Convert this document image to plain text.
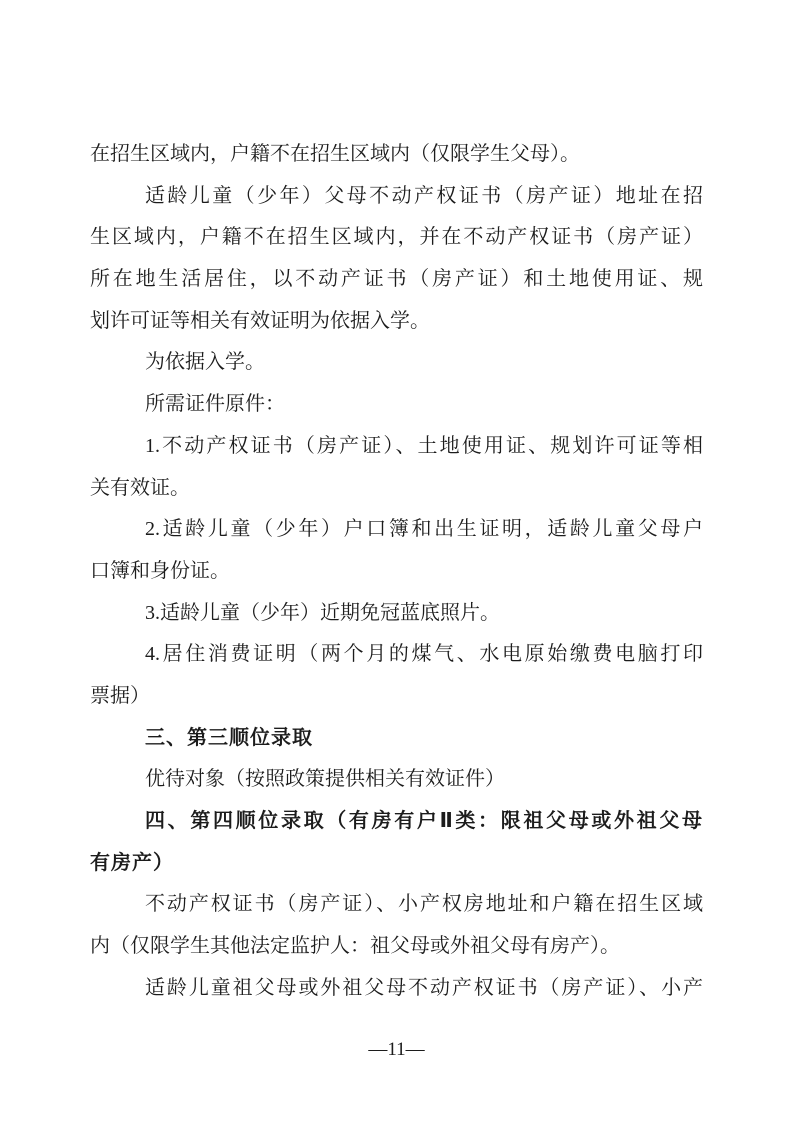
在招生区域内，户籍不在招生区域内（仅限学生父母）。
适龄儿童（少年）父母不动产权证书（房产证）地址在招
生区域内，户籍不在招生区域内，并在不动产权证书（房产证）
所在地生活居住，以不动产证书（房产证）和土地使用证、规
划许可证等相关有效证明为依据入学。
为依据入学。
所需证件原件：
1.不动产权证书（房产证）、土地使用证、规划许可证等相
关有效证。
2.适龄儿童（少年）户口簿和出生证明，适龄儿童父母户
口簿和身份证。
3.适龄儿童（少年）近期免冠蓝底照片。
4.居住消费证明（两个月的煤气、水电原始缴费电脑打印
票据）
三、第三顺位录取
优待对象（按照政策提供相关有效证件）
四、第四顺位录取（有房有户Ⅱ类：限祖父母或外祖父母
有房产）
不动产权证书（房产证）、小产权房地址和户籍在招生区域
内（仅限学生其他法定监护人：祖父母或外祖父母有房产）。
适龄儿童祖父母或外祖父母不动产权证书（房产证）、小产
—11—
